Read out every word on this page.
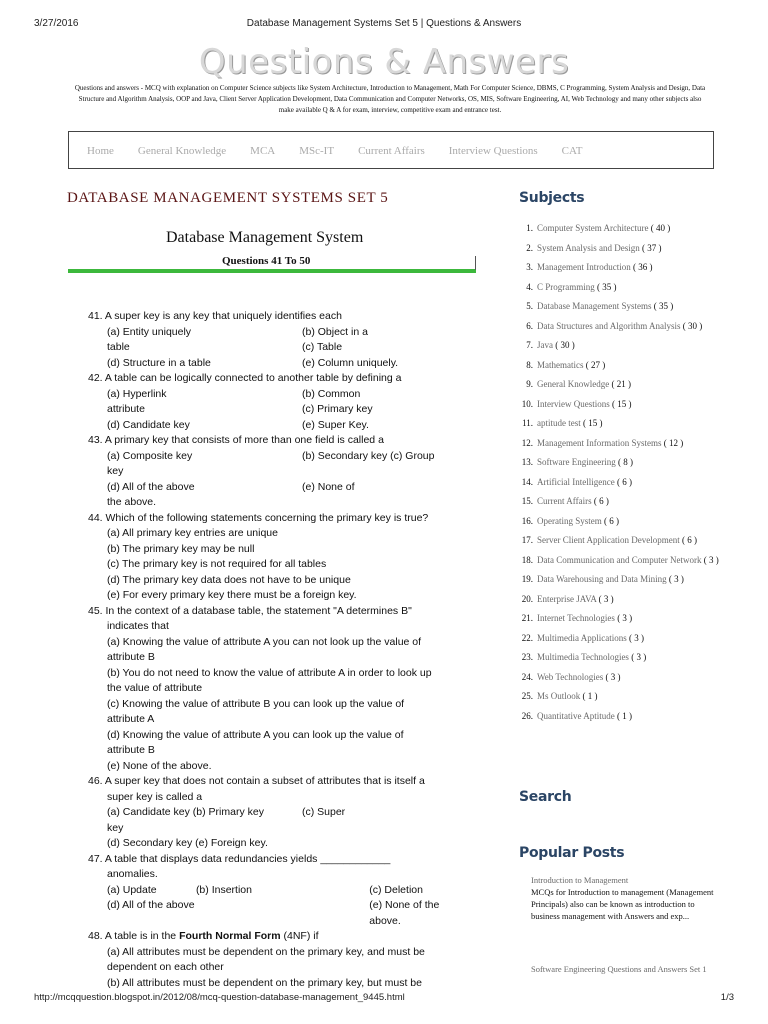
3/27/2016	Database Management Systems Set 5 | Questions & Answers
Questions & Answers
Questions and answers - MCQ with explanation on Computer Science subjects like System Architecture, Introduction to Management, Math For Computer Science, DBMS, C Programming, System Analysis and Design, Data Structure and Algorithm Analysis, OOP and Java, Client Server Application Development, Data Communication and Computer Networks, OS, MIS, Software Engineering, AI, Web Technology and many other subjects also make available Q & A for exam, interview, competitive exam and entrance test.
Home General Knowledge MCA MSc-IT Current Affairs Interview Questions CAT
DATABASE MANAGEMENT SYSTEMS SET 5
Database Management System
Questions 41 To 50
41. A super key is any key that uniquely identifies each
(a) Entity uniquely	(b) Object in a
table	(c) Table
(d) Structure in a table	(e) Column uniquely.
42. A table can be logically connected to another table by defining a
(a) Hyperlink	(b) Common
attribute	(c) Primary key
(d) Candidate key	(e) Super Key.
43. A primary key that consists of more than one field is called a
(a) Composite key	(b) Secondary key (c) Group
key
(d) All of the above	(e) None of
the above.
44. Which of the following statements concerning the primary key is true?
(a) All primary key entries are unique
(b) The primary key may be null
(c) The primary key is not required for all tables
(d) The primary key data does not have to be unique
(e) For every primary key there must be a foreign key.
45. In the context of a database table, the statement "A determines B"
indicates that
(a) Knowing the value of attribute A you can not look up the value of
attribute B
(b) You do not need to know the value of attribute A in order to look up
the value of attribute
(c) Knowing the value of attribute B you can look up the value of
attribute A
(d) Knowing the value of attribute A you can look up the value of
attribute B
(e) None of the above.
46. A super key that does not contain a subset of attributes that is itself a
super key is called a
(a) Candidate key (b) Primary key	(c) Super
key
(d) Secondary key (e) Foreign key.
47. A table that displays data redundancies yields ____________
anomalies.
(a) Update	(b) Insertion	(c) Deletion
(d) All of the above	(e) None of the above.
48. A table is in the Fourth Normal Form (4NF) if
(a) All attributes must be dependent on the primary key, and must be
dependent on each other
(b) All attributes must be dependent on the primary key, but must be
Subjects
1. Computer System Architecture ( 40 )
2. System Analysis and Design ( 37 )
3. Management Introduction ( 36 )
4. C Programming ( 35 )
5. Database Management Systems ( 35 )
6. Data Structures and Algorithm Analysis ( 30 )
7. Java ( 30 )
8. Mathematics ( 27 )
9. General Knowledge ( 21 )
10. Interview Questions ( 15 )
11. aptitude test ( 15 )
12. Management Information Systems ( 12 )
13. Software Engineering ( 8 )
14. Artificial Intelligence ( 6 )
15. Current Affairs ( 6 )
16. Operating System ( 6 )
17. Server Client Application Development ( 6 )
18. Data Communication and Computer Network ( 3 )
19. Data Warehousing and Data Mining ( 3 )
20. Enterprise JAVA ( 3 )
21. Internet Technologies ( 3 )
22. Multimedia Applications ( 3 )
23. Multimedia Technologies ( 3 )
24. Web Technologies ( 3 )
25. Ms Outlook ( 1 )
26. Quantitative Aptitude ( 1 )
Search
Popular Posts
Introduction to Management
MCQs for Introduction to management (Management Principals) also can be known as introduction to business management with Answers and exp...
Software Engineering Questions and Answers Set 1
http://mcqquestion.blogspot.in/2012/08/mcq-question-database-management_9445.html	1/3
